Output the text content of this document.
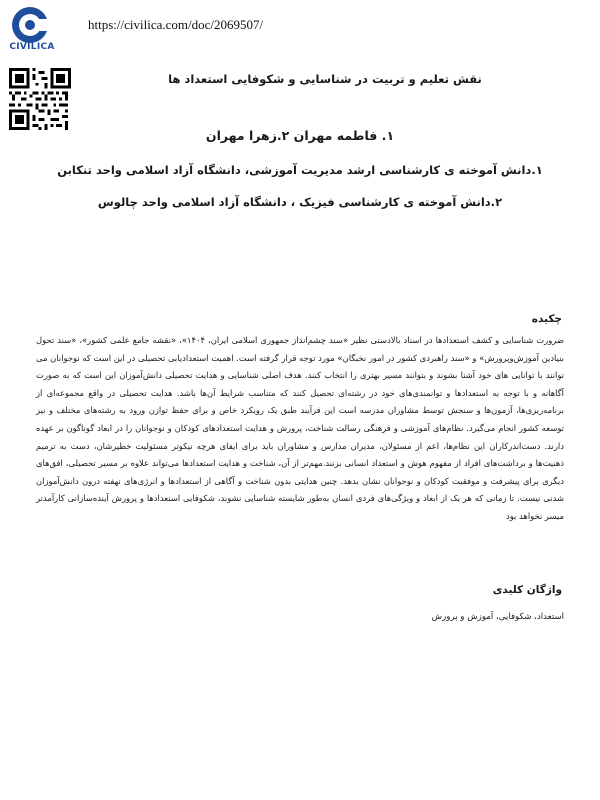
CIVILICA
https://civilica.com/doc/2069507/
نقش تعلیم و تربیت در شناسایی و شکوفایی استعداد ها
۱. فاطمه مهران ۲.زهرا مهران
۱.دانش آموخته ی کارشناسی ارشد مدیریت آموزشی، دانشگاه آزاد اسلامی واحد تنکابن
۲.دانش آموخته ی کارشناسی فیزیک ، دانشگاه آزاد اسلامی واحد چالوس
چکیده
ضرورت شناسایی و کشف استعدادها در اسناد بالادستی نظیر «سند چشم‌انداز جمهوری اسلامی ایران، ۱۴۰۴»، «نقشه جامع علمی کشور»، «سند تحول بنیادین آموزش‌وپرورش» و «سند راهبردی کشور در امور نخبگان» مورد توجه قرار گرفته است. اهمیت استعدادیابی تحصیلی در این است که نوجوانان می توانند با توانایی های خود آشنا بشوند و بتوانند مسیر بهتری را انتخاب کنند. هدف اصلی شناسایی و هدایت تحصیلی دانش‌آموزان این است که به صورت آگاهانه و با توجه به استعدادها و توانمندی‌های خود در رشته‌ای تحصیل کنند که متناسب شرایط آن‌ها باشد. هدایت تحصیلی در واقع مجموعه‌ای از برنامه‌ریزی‌ها، آزمون‌ها و سنجش توسط مشاوران مدرسه است این فرآیند طبق یک رویکرد خاص و برای حفظ توازن ورود به رشته‌های مختلف و نیز توسعه کشور انجام می‌گیرد. نظام‌های آموزشی و فرهنگی رسالت شناخت، پرورش و هدایت استعدادهای کودکان و نوجوانان را در ابعاد گوناگون بر عهده دارند. دست‌اندرکاران این نظام‌ها، اعم از مسئولان، مدیران مدارس و مشاوران باید برای ایفای هرچه نیکوتر مسئولیت خطیرشان، دست به ترمیم ذهنیت‌ها و برداشت‌های افراد از مفهوم هوش و استعداد انسانی بزنند.مهم‌تر از آن، شناخت و هدایت استعدادها می‌تواند علاوه بر مسیر تحصیلی، افق‌های دیگری برای پیشرفت و موفقیت کودکان و نوجوانان نشان بدهد. چنین هدایتی بدون شناخت و آگاهی از استعدادها و انرژی‌های نهفته درون دانش‌آموزان شدنی نیست. تا زمانی که هر یک از ابعاد و ویژگی‌های فردی انسان به‌طور شایسته شناسایی نشوند، شکوفایی استعدادها و پرورش آینده‌سازانی کارآمدتر میسر نخواهد بود
واژگان کلیدی
استعداد، شکوفایی، آموزش و پرورش
